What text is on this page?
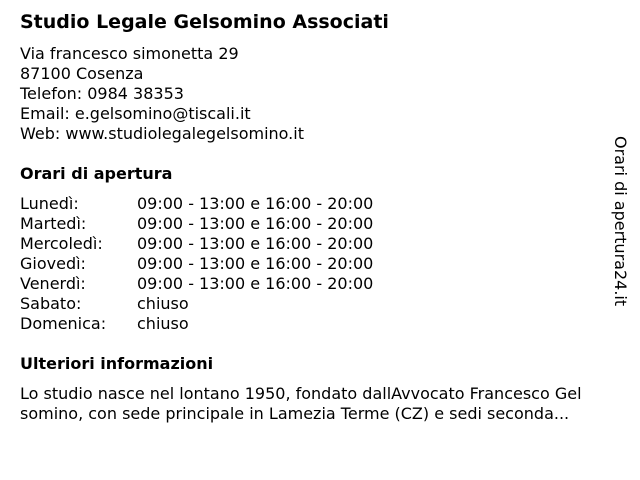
Studio Legale Gelsomino Associati
Via francesco simonetta 29
87100 Cosenza
Telefon: 0984 38353
Email: e.gelsomino@tiscali.it
Web: www.studiolegalegelsomino.it
Orari di apertura
Lunedì:	09:00 - 13:00 e 16:00 - 20:00
Martedì:	09:00 - 13:00 e 16:00 - 20:00
Mercoledì: 09:00 - 13:00 e 16:00 - 20:00
Giovedì:	09:00 - 13:00 e 16:00 - 20:00
Venerdì:	09:00 - 13:00 e 16:00 - 20:00
Sabato:	chiuso
Domenica: chiuso
Ulteriori informazioni
Lo studio nasce nel lontano 1950, fondato dallAvvocato Francesco Gel
somino, con sede principale in Lamezia Terme (CZ) e sedi seconda...
Orari di apertura24.it
